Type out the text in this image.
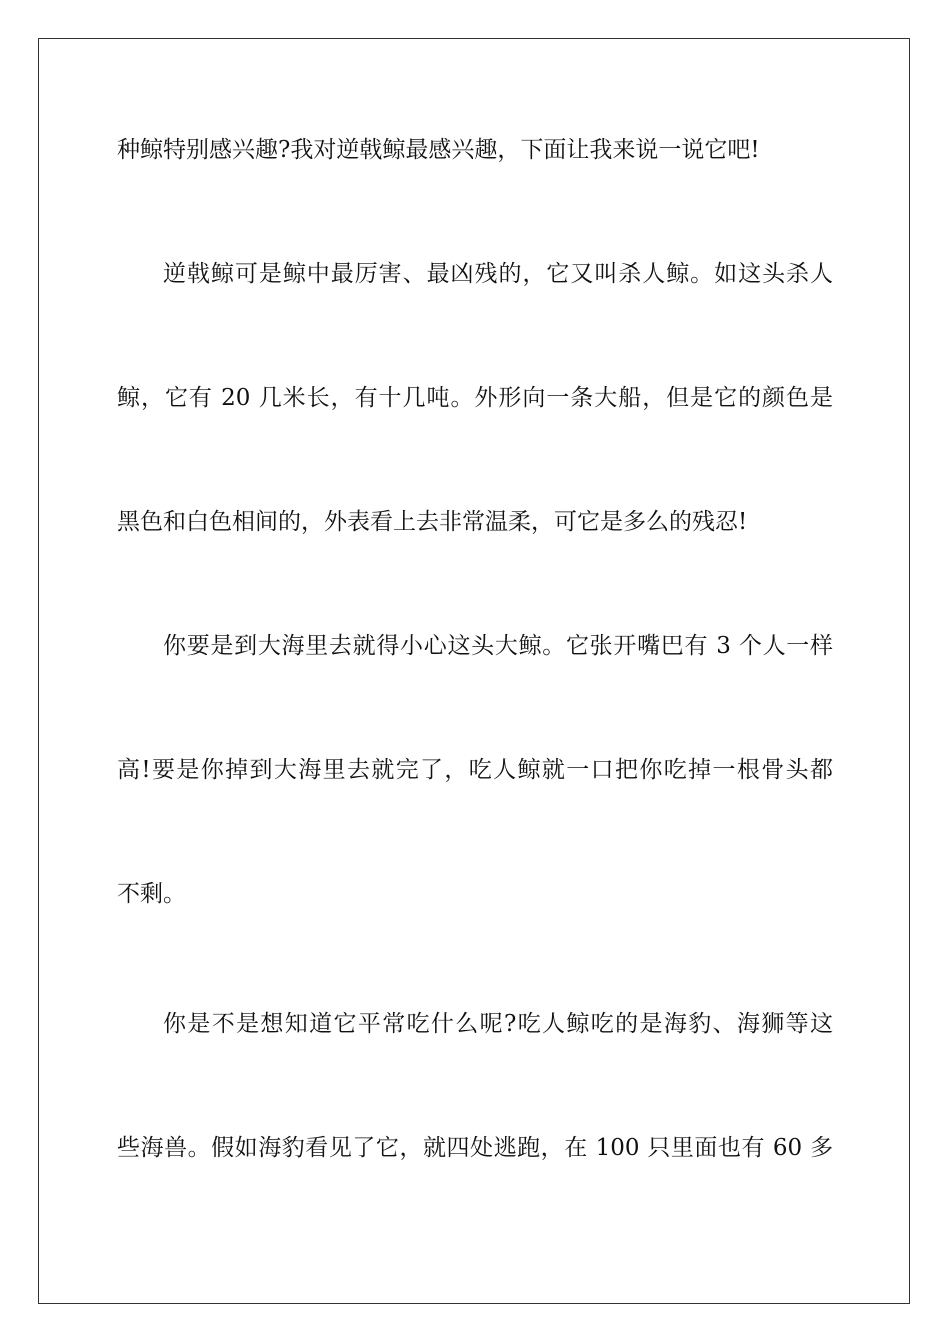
种鲸特别感兴趣?我对逆戟鲸最感兴趣，下面让我来说一说它吧!
逆戟鲸可是鲸中最厉害、最凶残的，它又叫杀人鲸。如这头杀人
鲸，它有 20 几米长，有十几吨。外形向一条大船，但是它的颜色是
黑色和白色相间的，外表看上去非常温柔，可它是多么的残忍!
你要是到大海里去就得小心这头大鲸。它张开嘴巴有 3 个人一样
高!要是你掉到大海里去就完了，吃人鲸就一口把你吃掉一根骨头都
不剩。
你是不是想知道它平常吃什么呢?吃人鲸吃的是海豹、海狮等这
些海兽。假如海豹看见了它，就四处逃跑，在 100 只里面也有 60 多
